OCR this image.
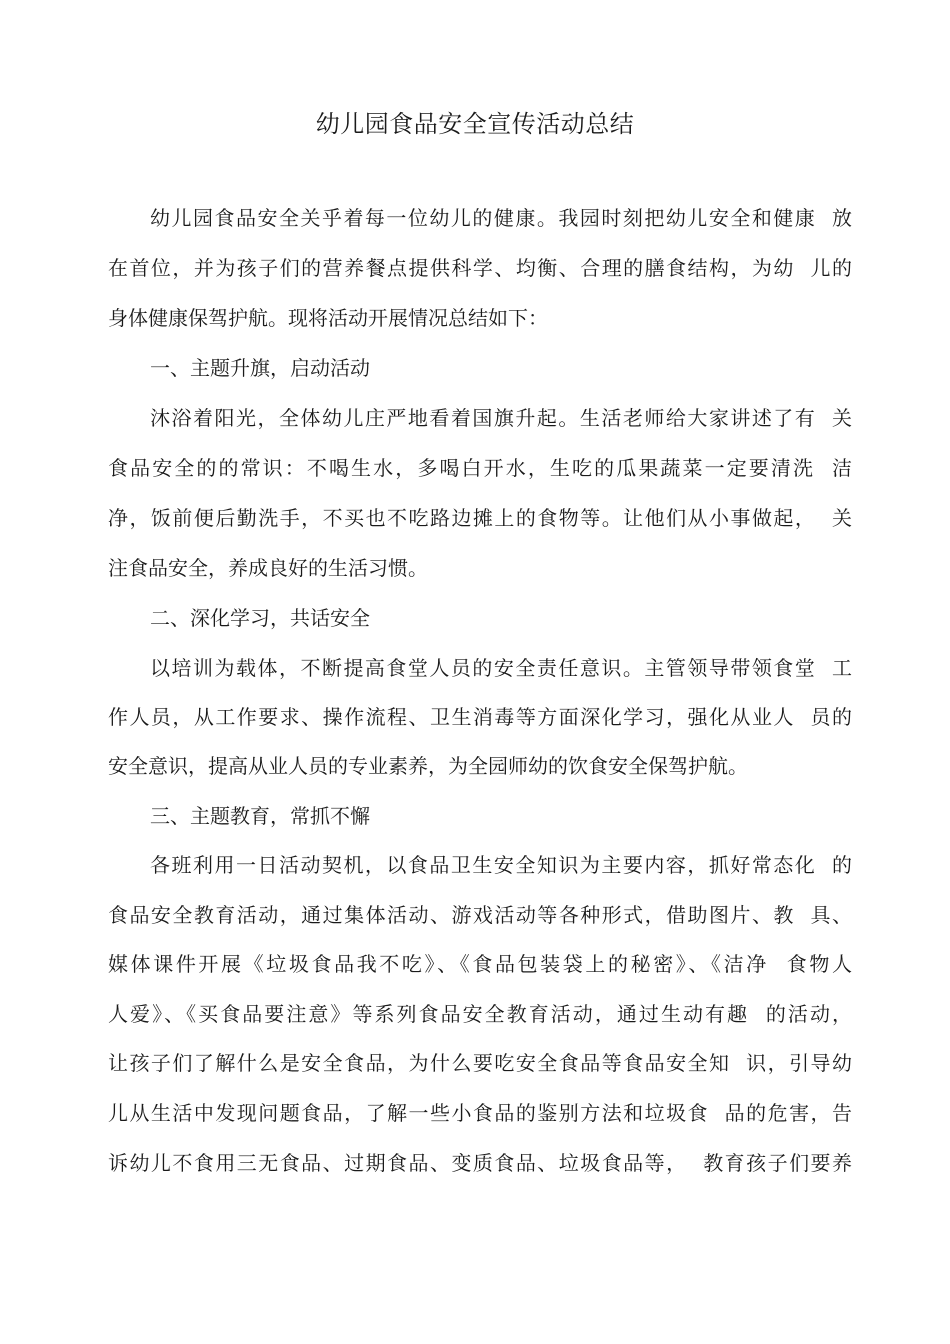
幼儿园食品安全宣传活动总结

幼儿园食品安全关乎着每一位幼儿的健康。我园时刻把幼儿安全和健康  放

在首位，并为孩子们的营养餐点提供科学、均衡、合理的膳食结构，为幼  儿的

身体健康保驾护航。现将活动开展情况总结如下：

一、主题升旗，启动活动

沐浴着阳光，全体幼儿庄严地看着国旗升起。生活老师给大家讲述了有  关

食品安全的的常识：不喝生水，多喝白开水，生吃的瓜果蔬菜一定要清洗  洁

净，饭前便后勤洗手，不买也不吃路边摊上的食物等。让他们从小事做起，  关

注食品安全，养成良好的生活习惯。

二、深化学习，共话安全

以培训为载体，不断提高食堂人员的安全责任意识。主管领导带领食堂  工

作人员，从工作要求、操作流程、卫生消毒等方面深化学习，强化从业人  员的

安全意识，提高从业人员的专业素养，为全园师幼的饮食安全保驾护航。

三、主题教育，常抓不懈

各班利用一日活动契机，以食品卫生安全知识为主要内容，抓好常态化  的

食品安全教育活动，通过集体活动、游戏活动等各种形式，借助图片、教  具、

媒体课件开展《垃圾食品我不吃》、《食品包装袋上的秘密》、《洁净  食物人

人爱》、《买食品要注意》等系列食品安全教育活动，通过生动有趣  的活动，

让孩子们了解什么是安全食品，为什么要吃安全食品等食品安全知  识，引导幼

儿从生活中发现问题食品，了解一些小食品的鉴别方法和垃圾食  品的危害，告

诉幼儿不食用三无食品、过期食品、变质食品、垃圾食品等，  教育孩子们要养
